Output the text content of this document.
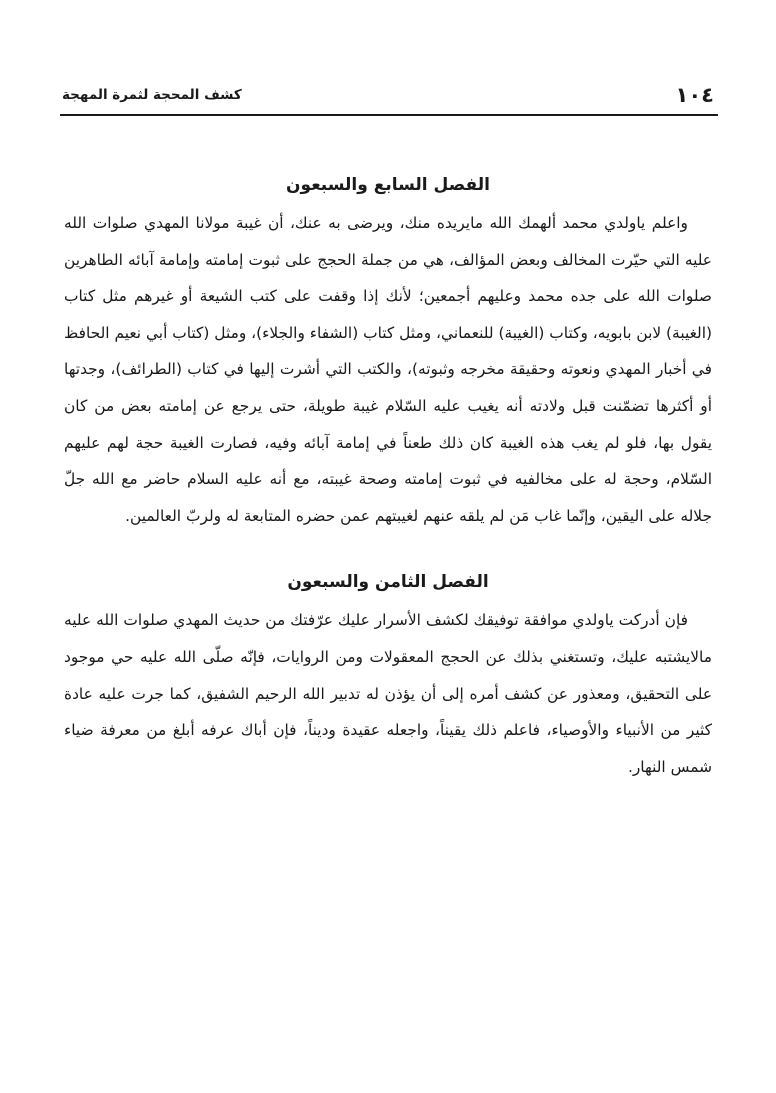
١٠٤
كشف المحجة لثمرة المهجة
الفصل السابع والسبعون

واعلم ياولدي محمد ألهمك الله مايريده منك، ويرضى به عنك، أن غيبة مولانا المهدي صلوات الله عليه التي حيّرت المخالف وبعض المؤالف، هي من جملة الحجج على ثبوت إمامته وإمامة آبائه الطاهرين صلوات الله على جده محمد وعليهم أجمعين؛ لأنك إذا وقفت على كتب الشيعة أو غيرهم مثل كتاب (الغيبة) لابن بابويه، وكتاب (الغيبة) للنعماني، ومثل كتاب (الشفاء والجلاء)، ومثل (كتاب أبي نعيم الحافظ في أخبار المهدي ونعوته وحقيقة مخرجه وثبوته)، والكتب التي أشرت إليها في كتاب (الطرائف)، وجدتها أو أكثرها تضمّنت قبل ولادته أنه يغيب عليه السّلام غيبة طويلة، حتى يرجع عن إمامته بعض من كان يقول بها، فلو لم يغب هذه الغيبة كان ذلك طعناً في إمامة آبائه وفيه، فصارت الغيبة حجة لهم عليهم السّلام، وحجة له على مخالفيه في ثبوت إمامته وصحة غيبته، مع أنه عليه السلام حاضر مع الله جلّ جلاله على اليقين، وإنّما غاب مَن لم يلقه عنهم لغيبتهم عمن حضره المتابعة له ولربّ العالمين.

الفصل الثامن والسبعون

فإن أدركت ياولدي موافقة توفيقك لكشف الأسرار عليك عرّفتك من حديث المهدي صلوات الله عليه مالايشتبه عليك، وتستغني بذلك عن الحجج المعقولات ومن الروايات، فإنّه صلّى الله عليه حي موجود على التحقيق، ومعذور عن كشف أمره إلى أن يؤذن له تدبير الله الرحيم الشفيق، كما جرت عليه عادة كثير من الأنبياء والأوصياء، فاعلم ذلك يقيناً، واجعله عقيدة وديناً، فإن أباك عرفه أبلغ من معرفة ضياء شمس النهار.
